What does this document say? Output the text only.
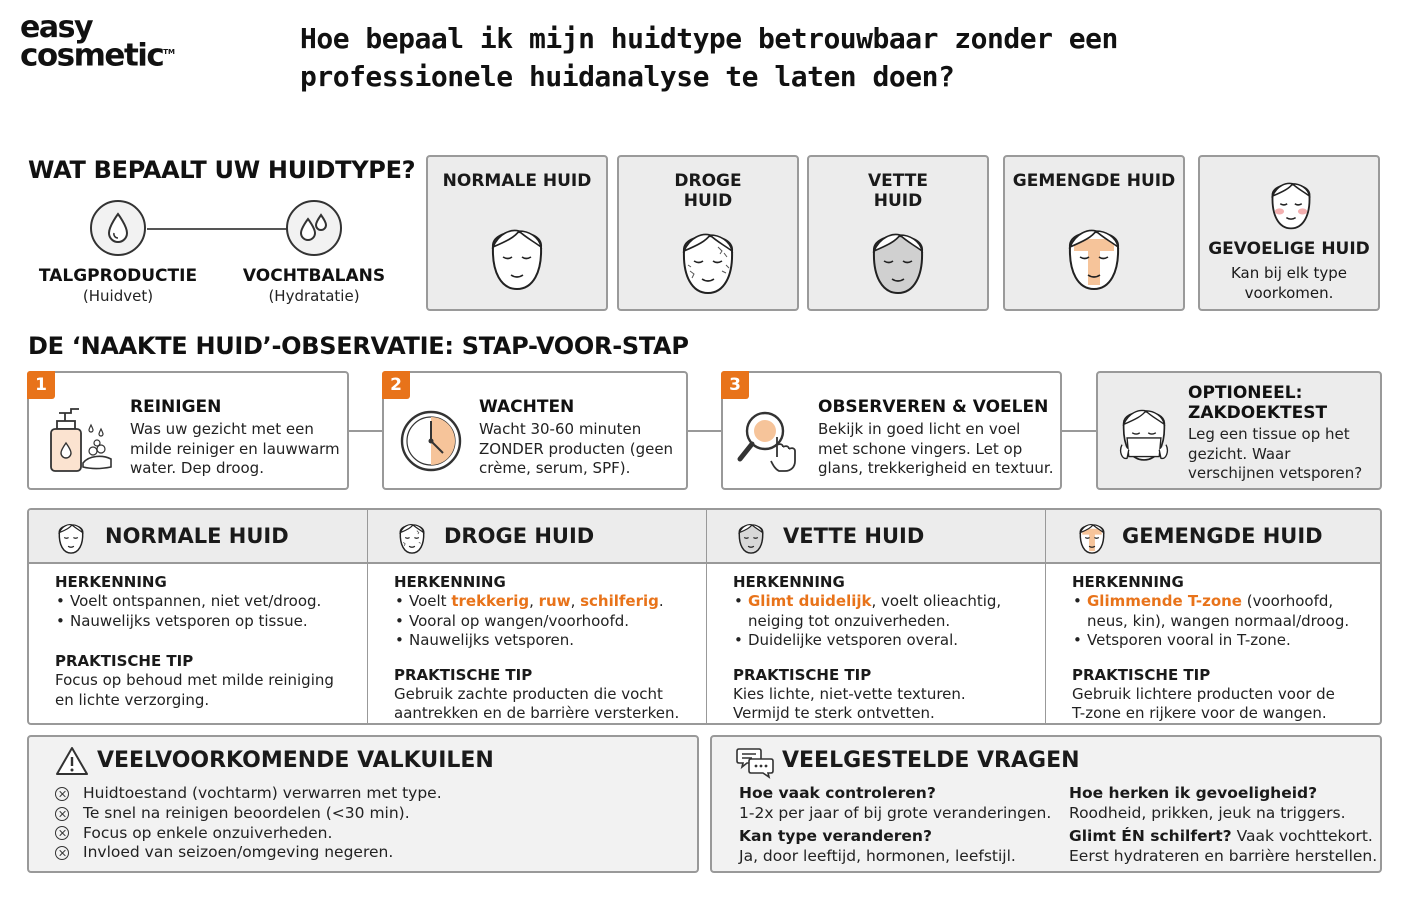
easy
cosmetic™	Hoe bepaal ik mijn huidtype betrouwbaar zonder een
professionele huidanalyse te laten doen?
WAT BEPAALT UW HUIDTYPE?
TALGPRODUCTIE
(Huidvet)
VOCHTBALANS
(Hydratatie)
NORMALE HUID	DROGE
HUID
VETTE
HUID
GEMENGDE HUID
GEVOELIGE HUID
Kan bij elk type
voorkomen.
DE ‘NAAKTE HUID’-OBSERVATIE: STAP-VOOR-STAP
1
REINIGEN
Was uw gezicht met een
milde reiniger en lauwwarm
water. Dep droog.
2
WACHTEN
Wacht 30-60 minuten
ZONDER producten (geen
crème, serum, SPF).
3
OBSERVEREN & VOELEN
Bekijk in goed licht en voel
met schone vingers. Let op
glans, trekkerigheid en textuur.
OPTIONEEL:
ZAKDOEKTEST
Leg een tissue op het
gezicht. Waar
verschijnen vetsporen?
NORMALE HUID
HERKENNING
• Voelt ontspannen, niet vet/droog.
• Nauwelijks vetsporen op tissue.
PRAKTISCHE TIP
Focus op behoud met milde reiniging
en lichte verzorging.
DROGE HUID
HERKENNING
• Voelt trekkerig, ruw, schilferig.
• Vooral op wangen/voorhoofd.
• Nauwelijks vetsporen.
PRAKTISCHE TIP
Gebruik zachte producten die vocht
aantrekken en de barrière versterken.
VETTE HUID
HERKENNING
• Glimt duidelijk, voelt olieachtig,
neiging tot onzuiverheden.
• Duidelijke vetsporen overal.
PRAKTISCHE TIP
Kies lichte, niet-vette texturen.
Vermijd te sterk ontvetten.
GEMENGDE HUID
HERKENNING
• Glimmende T-zone (voorhoofd,
neus, kin), wangen normaal/droog.
• Vetsporen vooral in T-zone.
PRAKTISCHE TIP
Gebruik lichtere producten voor de
T-zone en rijkere voor de wangen.
VEELVOORKOMENDE VALKUILEN
Huidtoestand (vochtarm) verwarren met type.
Te snel na reinigen beoordelen (<30 min).
Focus op enkele onzuiverheden.
Invloed van seizoen/omgeving negeren.
VEELGESTELDE VRAGEN
Hoe vaak controleren?
1-2x per jaar of bij grote veranderingen.
Kan type veranderen?
Ja, door leeftijd, hormonen, leefstijl.
Hoe herken ik gevoeligheid?
Roodheid, prikken, jeuk na triggers.
Glimt ÉN schilfert? Vaak vochttekort.
Eerst hydrateren en barrière herstellen.
